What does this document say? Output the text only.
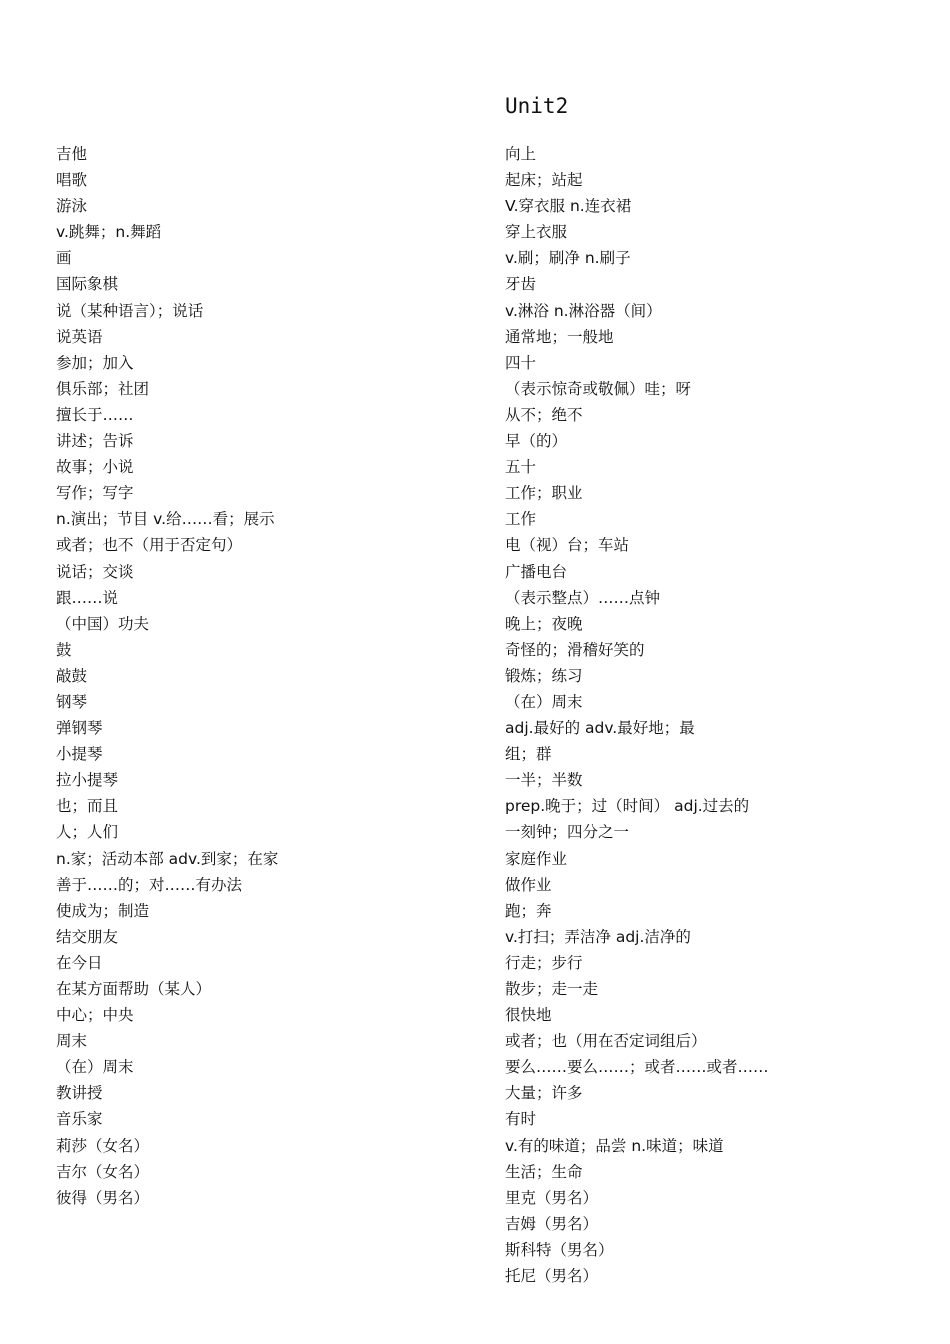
Unit2
吉他
唱歌
游泳
v.跳舞；n.舞蹈
画
国际象棋
说（某种语言）；说话
说英语
参加；加入
俱乐部；社团
擅长于……
讲述；告诉
故事；小说
写作；写字
n.演出；节目 v.给……看；展示
或者；也不（用于否定句）
说话；交谈
跟……说
（中国）功夫
鼓
敲鼓
钢琴
弹钢琴
小提琴
拉小提琴
也；而且
人；人们
n.家；活动本部 adv.到家；在家
善于……的；对……有办法
使成为；制造
结交朋友
在今日
在某方面帮助（某人）
中心；中央
周末
（在）周末
教讲授
音乐家
莉莎（女名）
吉尔（女名）
彼得（男名）
向上
起床；站起
V.穿衣服 n.连衣裙
穿上衣服
v.刷；刷净 n.刷子
牙齿
v.淋浴 n.淋浴器（间）
通常地；一般地
四十
（表示惊奇或敬佩）哇；呀
从不；绝不
早（的）
五十
工作；职业
工作
电（视）台；车站
广播电台
（表示整点）……点钟
晚上；夜晚
奇怪的；滑稽好笑的
锻炼；练习
（在）周末
adj.最好的 adv.最好地；最
组；群
一半；半数
prep.晚于；过（时间） adj.过去的
一刻钟；四分之一
家庭作业
做作业
跑；奔
v.打扫；弄洁净 adj.洁净的
行走；步行
散步；走一走
很快地
或者；也（用在否定词组后）
要么……要么……；或者……或者……
大量；许多
有时
v.有的味道；品尝 n.味道；味道
生活；生命
里克（男名）
吉姆（男名）
斯科特（男名）
托尼（男名）
